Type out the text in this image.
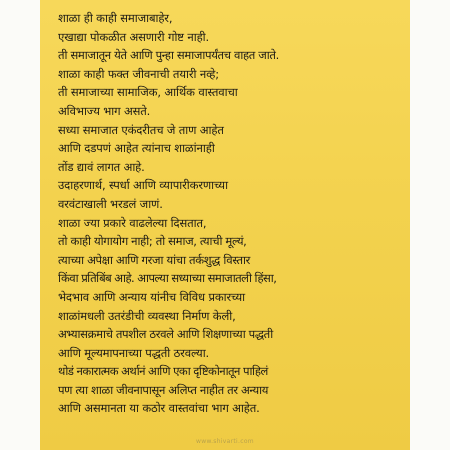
शाळा ही काही समाजाबाहेर,
एखाद्या पोकळीत असणारी गोष्ट नाही.
ती समाजातून येते आणि पुन्हा समाजापर्यंतच वाहत जाते.
शाळा काही फक्त जीवनाची तयारी नव्हे;
ती समाजाच्या सामाजिक, आर्थिक वास्तवाचा
अविभाज्य भाग असते.
सध्या समाजात एकंदरीतच जे ताण आहेत
आणि दडपणं आहेत त्यांनाच शाळांनाही
तोंड द्यावं लागत आहे.
उदाहरणार्थ, स्पर्धा आणि व्यापारीकरणाच्या
वरवंटाखाली भरडलं जाणं.
शाळा ज्या प्रकारे वाढलेल्या दिसतात,
तो काही योगायोग नाही; तो समाज, त्याची मूल्यं,
त्याच्या अपेक्षा आणि गरजा यांचा तर्कशुद्ध विस्तार
किंवा प्रतिबिंब आहे. आपल्या सध्याच्या समाजातली हिंसा,
भेदभाव आणि अन्याय यांनीच विविध प्रकारच्या
शाळांमधली उतरंडीची व्यवस्था निर्माण केली,
अभ्यासक्रमाचे तपशील ठरवले आणि शिक्षणाच्या पद्धती
आणि मूल्यमापनाच्या पद्धती ठरवल्या.
थोडं नकारात्मक अर्थानं आणि एका दृष्टिकोनातून पाहिलं
पण त्या शाळा जीवनापासून अलिप्त नाहीत तर अन्याय
आणि असमानता या कठोर वास्तवांचा भाग आहेत.
www.shivarti.com
